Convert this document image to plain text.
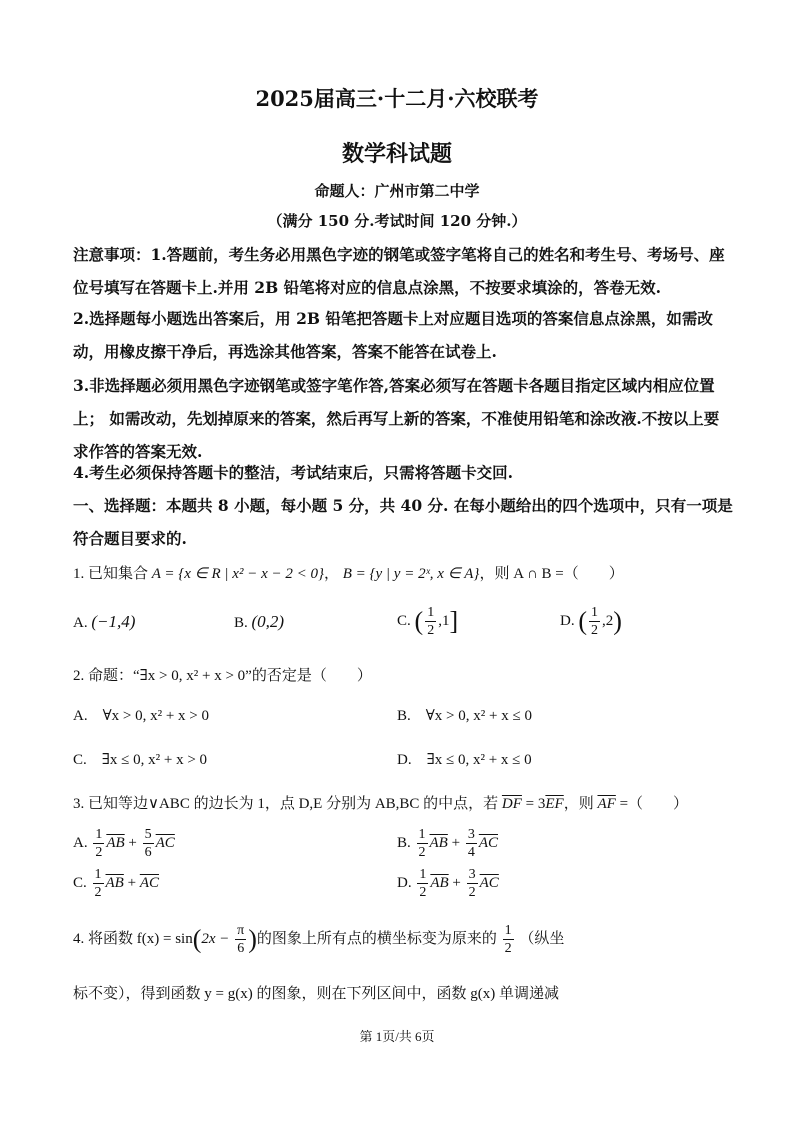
2025届高三·十二月·六校联考
数学科试题
命题人：广州市第二中学
（满分 150 分.考试时间 120 分钟.）
注意事项：1.答题前，考生务必用黑色字迹的钢笔或签字笔将自己的姓名和考生号、考场号、座位号填写在答题卡上.并用 2B 铅笔将对应的信息点涂黑，不按要求填涂的，答卷无效.
2.选择题每小题选出答案后，用 2B 铅笔把答题卡上对应题目选项的答案信息点涂黑，如需改动，用橡皮擦干净后，再选涂其他答案，答案不能答在试卷上.
3.非选择题必须用黑色字迹钢笔或签字笔作答,答案必须写在答题卡各题目指定区域内相应位置上； 如需改动，先划掉原来的答案，然后再写上新的答案，不准使用铅笔和涂改液.不按以上要求作答的答案无效.
4.考生必须保持答题卡的整洁，考试结束后，只需将答题卡交回.
一、选择题：本题共 8 小题，每小题 5 分，共 40 分. 在每小题给出的四个选项中，只有一项是符合题目要求的.
1. 已知集合 A = {x ∈ R | x² − x − 2 < 0}， B = {y | y = 2ˣ, x ∈ A}，则 A ∩ B =（　　）
A. (−1,4)	B. (0,2)	C. ( $\frac{1}{2} ,1$]	D. ( $\frac{1}{2} ,2$)
2. 命题：“∃x > 0, x² + x > 0”的否定是（　　）
A.　∀x > 0, x² + x > 0	B.　∀x > 0, x² + x ≤ 0
C.　∃x ≤ 0, x² + x > 0	D.　∃x ≤ 0, x² + x ≤ 0
3. 已知等边∨ABC 的边长为 1，点 D,E 分别为 AB,BC 的中点，若 $\overline{DF} = 3\overline{EF}$，则 $\overline{AF}$ =（　　）
A. $\frac{1}{2} \overline{AB} + \frac{5}{6} \overline{AC}$	B. $\frac{1}{2} \overline{AB} + \frac{3}{4} \overline{AC}$
C. $\frac{1}{2} \overline{AB} + \overline{AC}$	D. $\frac{1}{2} \overline{AB} + \frac{3}{2} \overline{AC}$
4. 将函数 $f(x) = \sin(2x - \frac{\pi}{6}$ )的图象上所有点的横坐标变为原来的 $\frac{1}{2}$ （纵坐
标不变），得到函数 y = g(x) 的图象，则在下列区间中，函数 g(x) 单调递减
第 1页/共 6页
